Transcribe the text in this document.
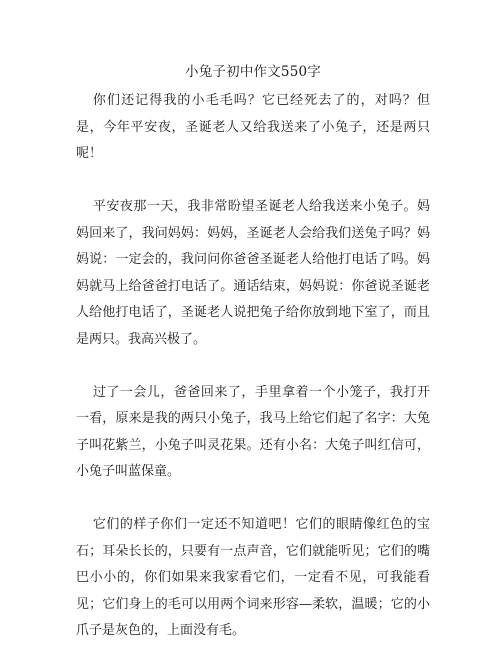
小兔子初中作文550字

你们还记得我的小毛毛吗？它已经死去了的，对吗？但是，今年平安夜，圣诞老人又给我送来了小兔子，还是两只呢！

平安夜那一天，我非常盼望圣诞老人给我送来小兔子。妈妈回来了，我问妈妈：妈妈，圣诞老人会给我们送兔子吗？妈妈说：一定会的，我问问你爸爸圣诞老人给他打电话了吗。妈妈就马上给爸爸打电话了。通话结束，妈妈说：你爸说圣诞老人给他打电话了，圣诞老人说把兔子给你放到地下室了，而且是两只。我高兴极了。

过了一会儿，爸爸回来了，手里拿着一个小笼子，我打开一看，原来是我的两只小兔子，我马上给它们起了名字：大兔子叫花紫兰，小兔子叫灵花果。还有小名：大兔子叫红信可，小兔子叫蓝保童。

它们的样子你们一定还不知道吧！它们的眼睛像红色的宝石；耳朵长长的，只要有一点声音，它们就能听见；它们的嘴巴小小的，你们如果来我家看它们，一定看不见，可我能看见；它们身上的毛可以用两个词来形容—柔软，温暖；它的小爪子是灰色的，上面没有毛。
